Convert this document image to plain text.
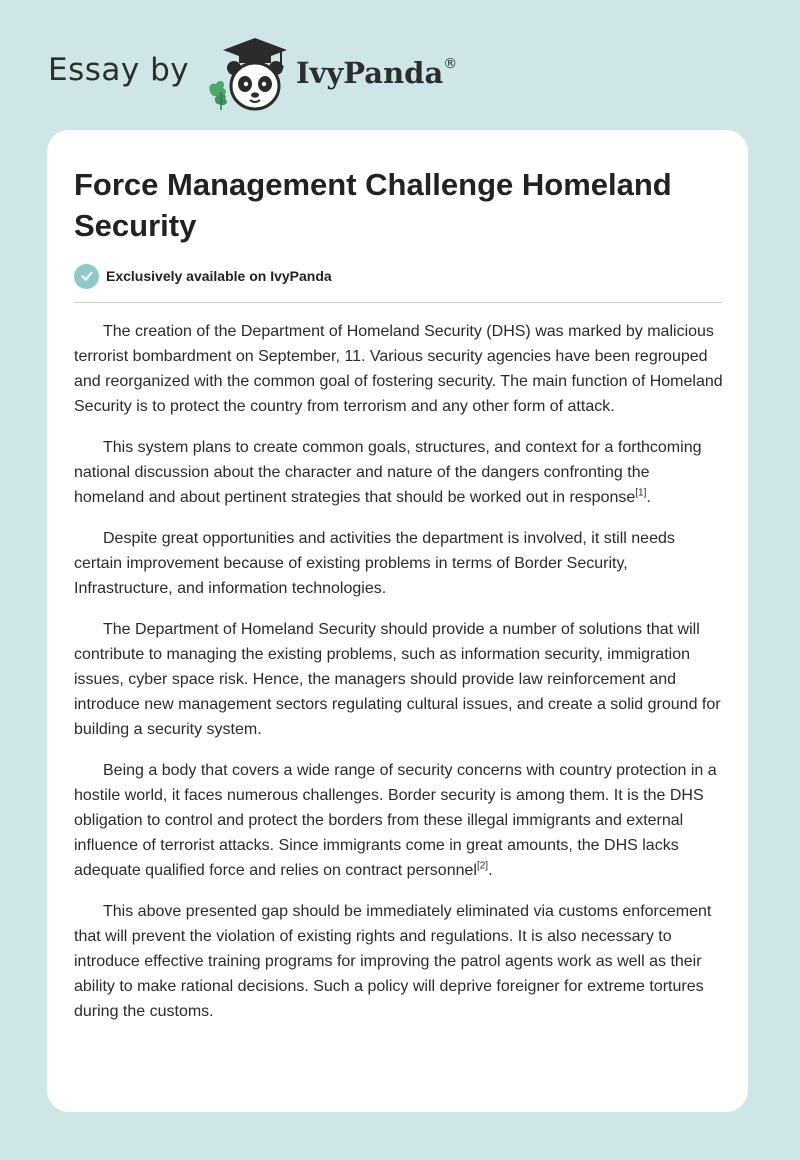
Essay by	IvyPanda®
Force Management Challenge Homeland Security
Exclusively available on IvyPanda

The creation of the Department of Homeland Security (DHS) was marked by malicious terrorist bombardment on September, 11. Various security agencies have been regrouped and reorganized with the common goal of fostering security. The main function of Homeland Security is to protect the country from terrorism and any other form of attack.

This system plans to create common goals, structures, and context for a forthcoming national discussion about the character and nature of the dangers confronting the homeland and about pertinent strategies that should be worked out in response[1].

Despite great opportunities and activities the department is involved, it still needs certain improvement because of existing problems in terms of Border Security, Infrastructure, and information technologies.

The Department of Homeland Security should provide a number of solutions that will contribute to managing the existing problems, such as information security, immigration issues, cyber space risk. Hence, the managers should provide law reinforcement and introduce new management sectors regulating cultural issues, and create a solid ground for building a security system.

Being a body that covers a wide range of security concerns with country protection in a hostile world, it faces numerous challenges. Border security is among them. It is the DHS obligation to control and protect the borders from these illegal immigrants and external influence of terrorist attacks. Since immigrants come in great amounts, the DHS lacks adequate qualified force and relies on contract personnel[2].

This above presented gap should be immediately eliminated via customs enforcement that will prevent the violation of existing rights and regulations. It is also necessary to introduce effective training programs for improving the patrol agents work as well as their ability to make rational decisions. Such a policy will deprive foreigner for extreme tortures during the customs.
